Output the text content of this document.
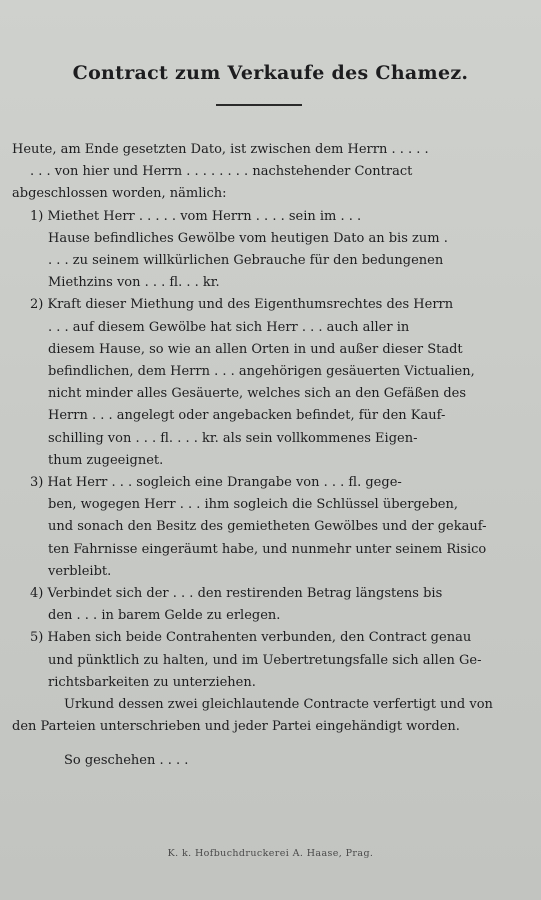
Contract zum Verkaufe des Chamez.
Heute, am Ende gesetzten Dato, ist zwischen dem Herrn . . . . .
. . . von hier und Herrn . . . . . . . . nachstehender Contract
abgeschlossen worden, nämlich:
1) Miethet Herr . . . . . vom Herrn . . . . sein im . . .
Hause befindliches Gewölbe vom heutigen Dato an bis zum .
. . . zu seinem willkürlichen Gebrauche für den bedungenen
Miethzins von . . . fl. . . kr.
2) Kraft dieser Miethung und des Eigenthumsrechtes des Herrn
. . . auf diesem Gewölbe hat sich Herr . . . auch aller in
diesem Hause, so wie an allen Orten in und außer dieser Stadt
befindlichen, dem Herrn . . . angehörigen gesäuerten Victualien,
nicht minder alles Gesäuerte, welches sich an den Gefäßen des
Herrn . . . angelegt oder angebacken befindet, für den Kauf-
schilling von . . . fl. . . . kr. als sein vollkommenes Eigen-
thum zugeeignet.
3) Hat Herr . . . sogleich eine Drangabe von . . . fl. gege-
ben, wogegen Herr . . . ihm sogleich die Schlüssel übergeben,
und sonach den Besitz des gemietheten Gewölbes und der gekauf-
ten Fahrnisse eingeräumt habe, und nunmehr unter seinem Risico
verbleibt.
4) Verbindet sich der . . . den restirenden Betrag längstens bis
den . . . in barem Gelde zu erlegen.
5) Haben sich beide Contrahenten verbunden, den Contract genau
und pünktlich zu halten, und im Uebertretungsfalle sich allen Ge-
richtsbarkeiten zu unterziehen.
Urkund dessen zwei gleichlautende Contracte verfertigt und von
den Parteien unterschrieben und jeder Partei eingehändigt worden.
So geschehen . . . .
K. k. Hofbuchdruckerei A. Haase, Prag.
